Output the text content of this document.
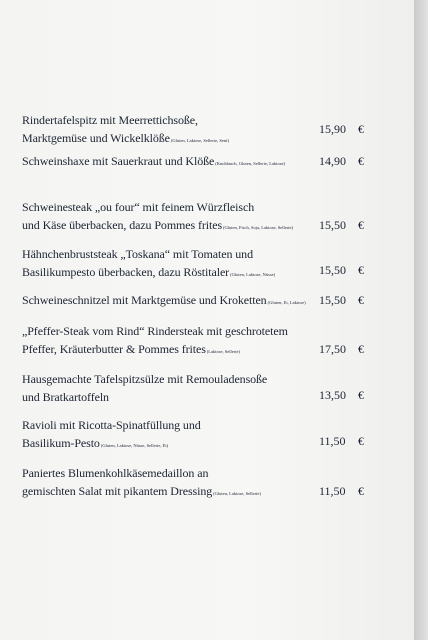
Rindertafelspitz mit Meerrettichsoße,
Marktgemüse und Wickelklöße(Gluten, Laktose, Sellerie, Senf)
15,90	€
Schweinshaxe mit Sauerkraut und Klöße(Knoblauch, Gluten, Sellerie, Laktose)	14,90	€
Schweinesteak „ou four“ mit feinem Würzfleisch
und Käse überbacken, dazu Pommes frites(Gluten, Fisch, Soja, Laktose, Sellerie)	15,50	€
Hähnchenbruststeak „Toskana“ mit Tomaten und
Basilikumpesto überbacken, dazu Röstitaler(Gluten, Laktose, Nüsse)	15,50	€
Schweineschnitzel mit Marktgemüse und Kroketten(Gluten, Ei, Laktose) 15,50	€
„Pfeffer-Steak vom Rind“ Rindersteak mit geschrotetem
Pfeffer, Kräuterbutter & Pommes frites(Laktose, Sellerie)	17,50	€
Hausgemachte Tafelspitzsülze mit Remouladensoße
und Bratkartoffeln	13,50	€
Ravioli mit Ricotta-Spinatfüllung und
Basilikum-Pesto(Gluten, Laktose, Nüsse, Sellerie, Ei)	11,50	€
Paniertes Blumenkohlkäsemedaillon an
gemischten Salat mit pikantem Dressing(Gluten, Laktose, Sellerie)	11,50	€
